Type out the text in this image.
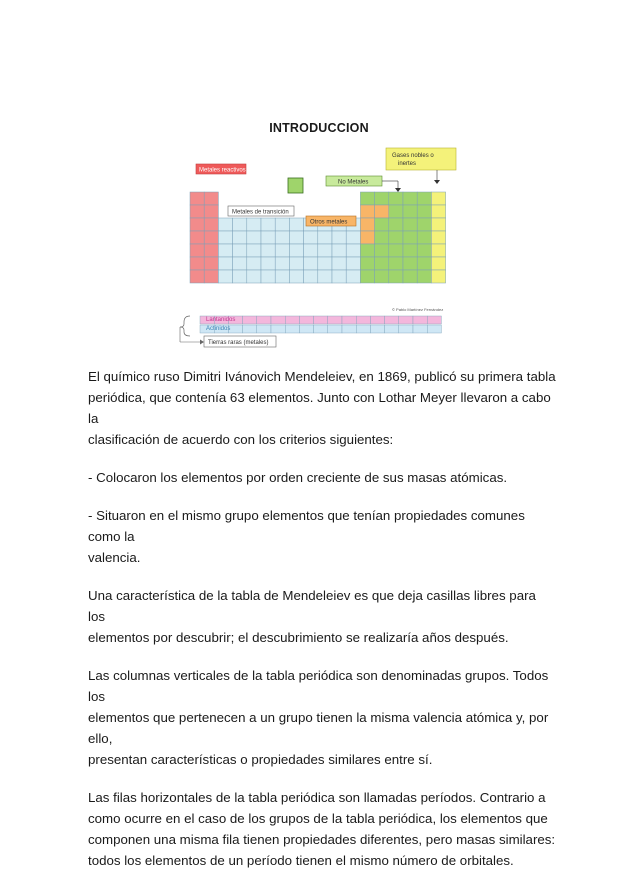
INTRODUCCION
Metales reactivos
Gases nobles o
inertes
No Metales
Metales de transición
Otros metales
© Pablo Martínez Fernández
Lantanidos
Actinidos
Tierras raras (metales)

El químico ruso Dimitri Ivánovich Mendeleiev, en 1869, publicó su primera tabla
periódica, que contenía 63 elementos. Junto con Lothar Meyer llevaron a cabo la
clasificación de acuerdo con los criterios siguientes:

- Colocaron los elementos por orden creciente de sus masas atómicas.

- Situaron en el mismo grupo elementos que tenían propiedades comunes como la
valencia.

Una característica de la tabla de Mendeleiev es que deja casillas libres para los
elementos por descubrir; el descubrimiento se realizaría años después.

Las columnas verticales de la tabla periódica son denominadas grupos. Todos los
elementos que pertenecen a un grupo tienen la misma valencia atómica y, por ello,
presentan características o propiedades similares entre sí.

Las filas horizontales de la tabla periódica son llamadas períodos. Contrario a
como ocurre en el caso de los grupos de la tabla periódica, los elementos que
componen una misma fila tienen propiedades diferentes, pero masas similares:
todos los elementos de un período tienen el mismo número de orbitales.
